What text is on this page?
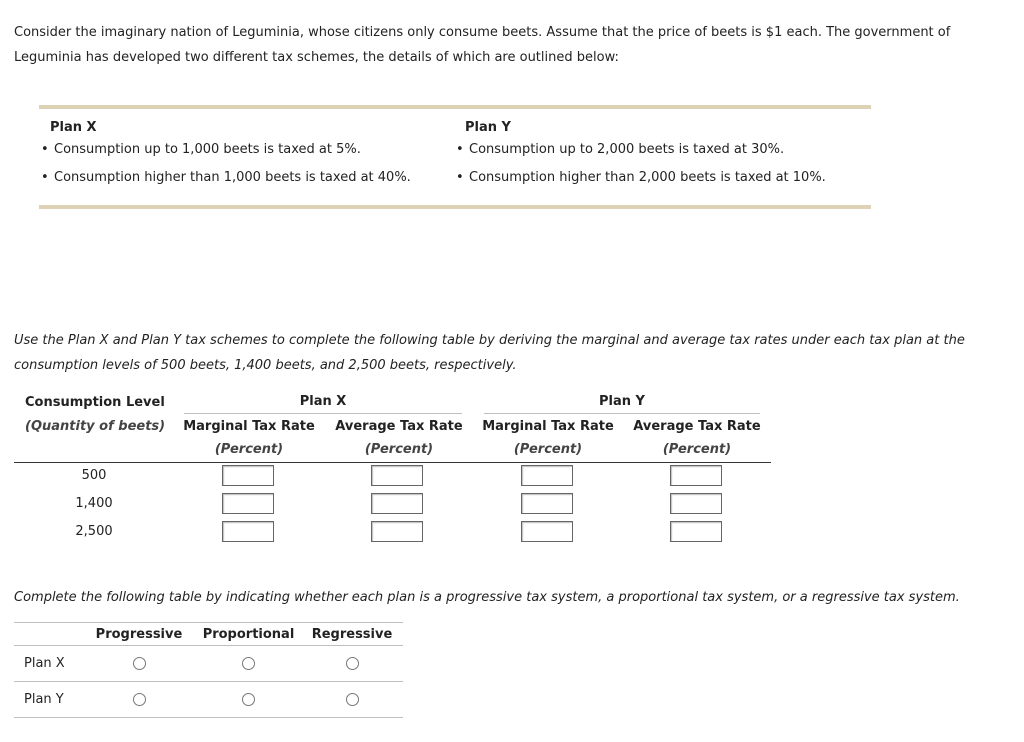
Consider the imaginary nation of Leguminia, whose citizens only consume beets. Assume that the price of beets is $1 each. The government of

Leguminia has developed two different tax schemes, the details of which are outlined below:

Plan X
• Consumption up to 1,000 beets is taxed at 5%.
• Consumption higher than 1,000 beets is taxed at 40%.
Plan Y
• Consumption up to 2,000 beets is taxed at 30%.
• Consumption higher than 2,000 beets is taxed at 10%.

Use the Plan X and Plan Y tax schemes to complete the following table by deriving the marginal and average tax rates under each tax plan at the

consumption levels of 500 beets, 1,400 beets, and 2,500 beets, respectively.

Consumption Level
(Quantity of beets)
Plan X	Plan Y
Marginal Tax Rate	Average Tax Rate	Marginal Tax Rate	Average Tax Rate
(Percent)	(Percent)	(Percent)	(Percent)
500
1,400
2,500
Complete the following table by indicating whether each plan is a progressive tax system, a proportional tax system, or a regressive tax system.
	Progressive	Proportional	Regressive
Plan X			
Plan Y			
